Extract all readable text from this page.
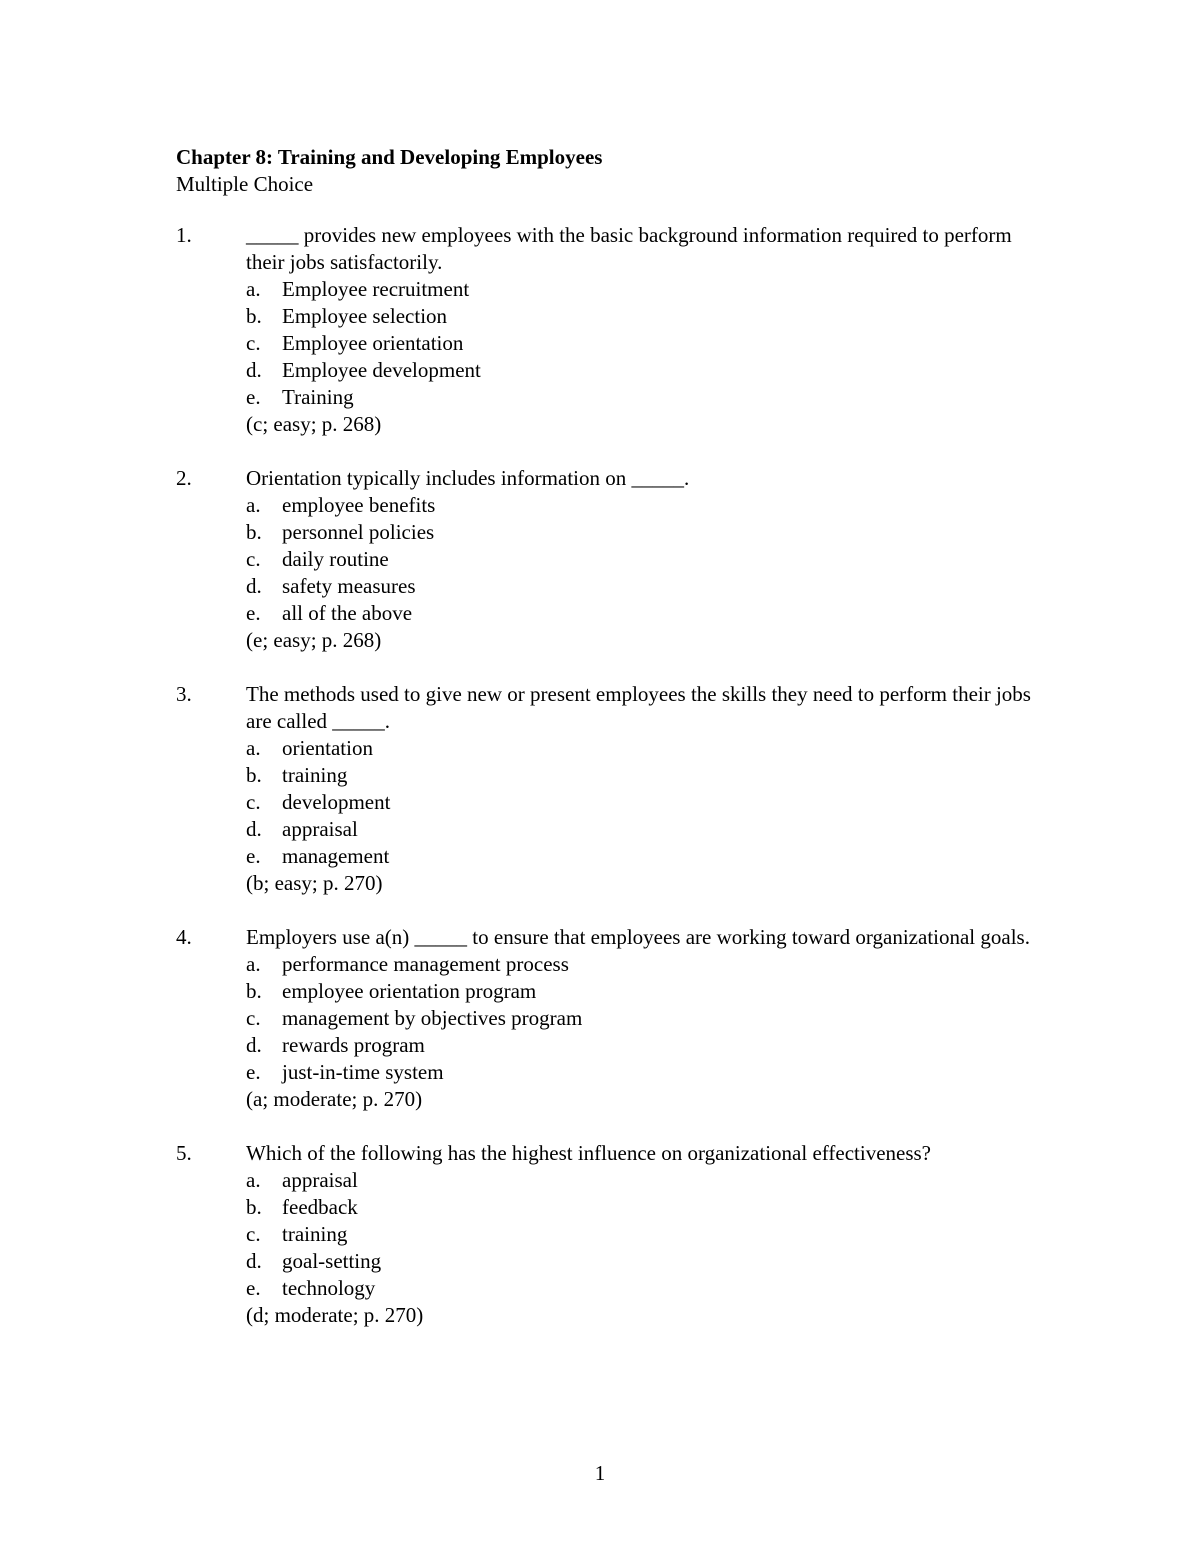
Chapter 8: Training and Developing Employees
Multiple Choice
1.	_____ provides new employees with the basic background information required to perform their jobs satisfactorily.
a.	Employee recruitment
b. Employee selection
c.	Employee orientation
d. Employee development
e.	Training
(c; easy; p. 268)
2.	Orientation typically includes information on _____.
a.	employee benefits
b. personnel policies
c.	daily routine
d. safety measures
e.	all of the above
(e; easy; p. 268)
3.	The methods used to give new or present employees the skills they need to perform their jobs are called _____.
a.	orientation
b. training
c.	development
d. appraisal
e.	management
(b; easy; p. 270)
4.	Employers use a(n) _____ to ensure that employees are working toward organizational goals.
a.	performance management process
b. employee orientation program
c.	management by objectives program
d. rewards program
e.	just-in-time system
(a; moderate; p. 270)
5.	Which of the following has the highest influence on organizational effectiveness?
a.	appraisal
b. feedback
c.	training
d. goal-setting
e.	technology
(d; moderate; p. 270)
1
